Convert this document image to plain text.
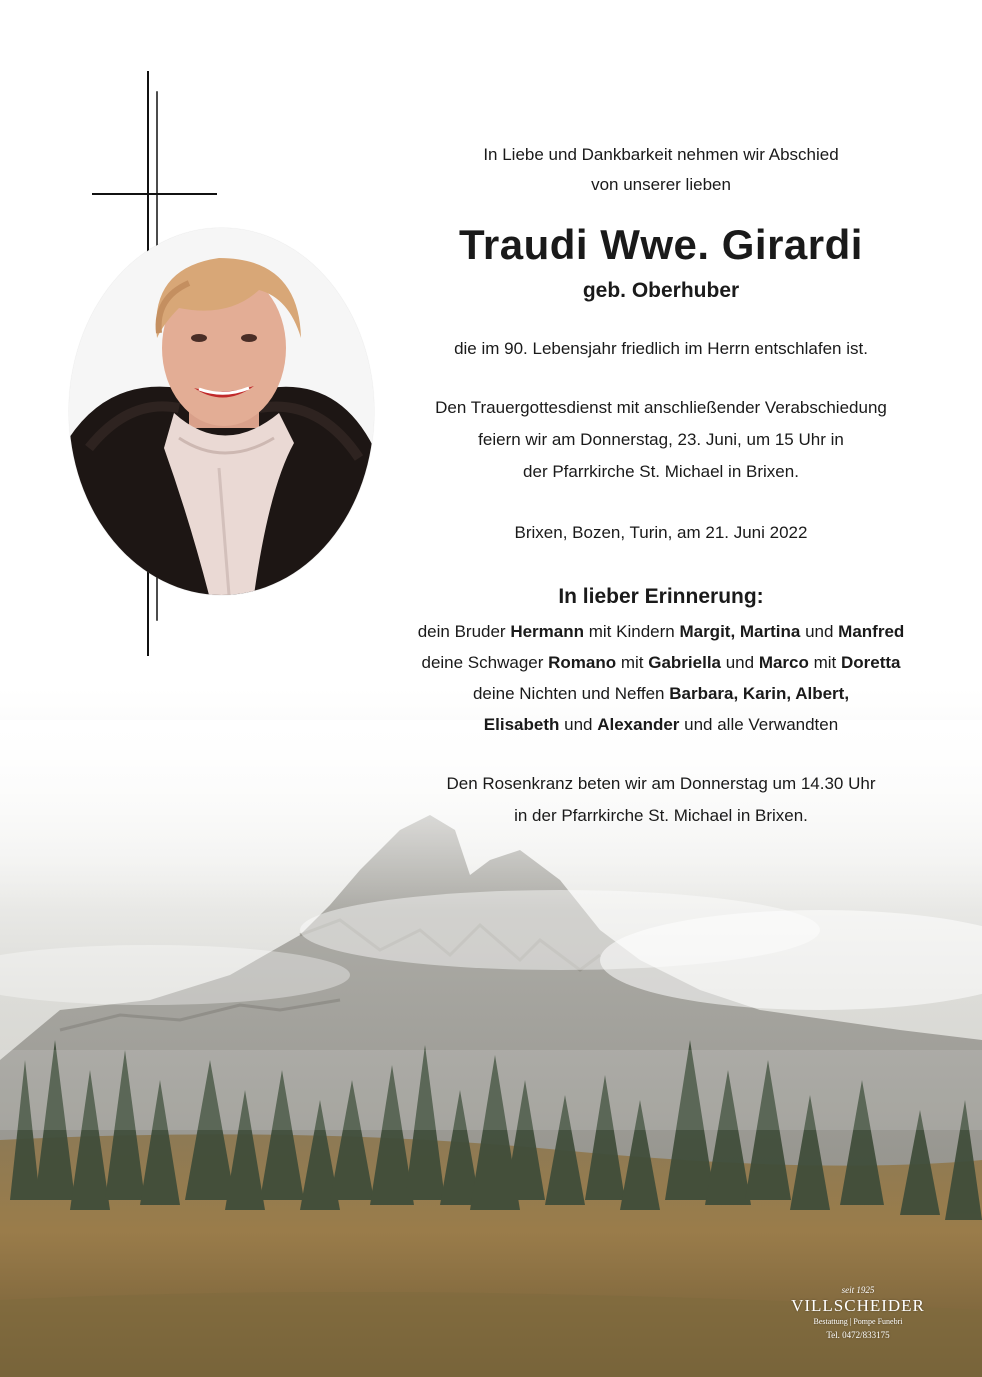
In Liebe und Dankbarkeit nehmen wir Abschied
von unserer lieben

Traudi Wwe. Girardi

geb. Oberhuber

die im 90. Lebensjahr friedlich im Herrn entschlafen ist.

Den Trauergottesdienst mit anschließender Verabschiedung
feiern wir am Donnerstag, 23. Juni, um 15 Uhr in
der Pfarrkirche St. Michael in Brixen.

Brixen, Bozen, Turin, am 21. Juni 2022

In lieber Erinnerung:

dein Bruder Hermann mit Kindern Margit, Martina und Manfred
deine Schwager Romano mit Gabriella und Marco mit Doretta
deine Nichten und Neffen Barbara, Karin, Albert,
Elisabeth und Alexander und alle Verwandten

Den Rosenkranz beten wir am Donnerstag um 14.30 Uhr
in der Pfarrkirche St. Michael in Brixen.

seit 1925
VILLSCHEIDER
Bestattung | Pompe Funebri
Tel. 0472/833175
